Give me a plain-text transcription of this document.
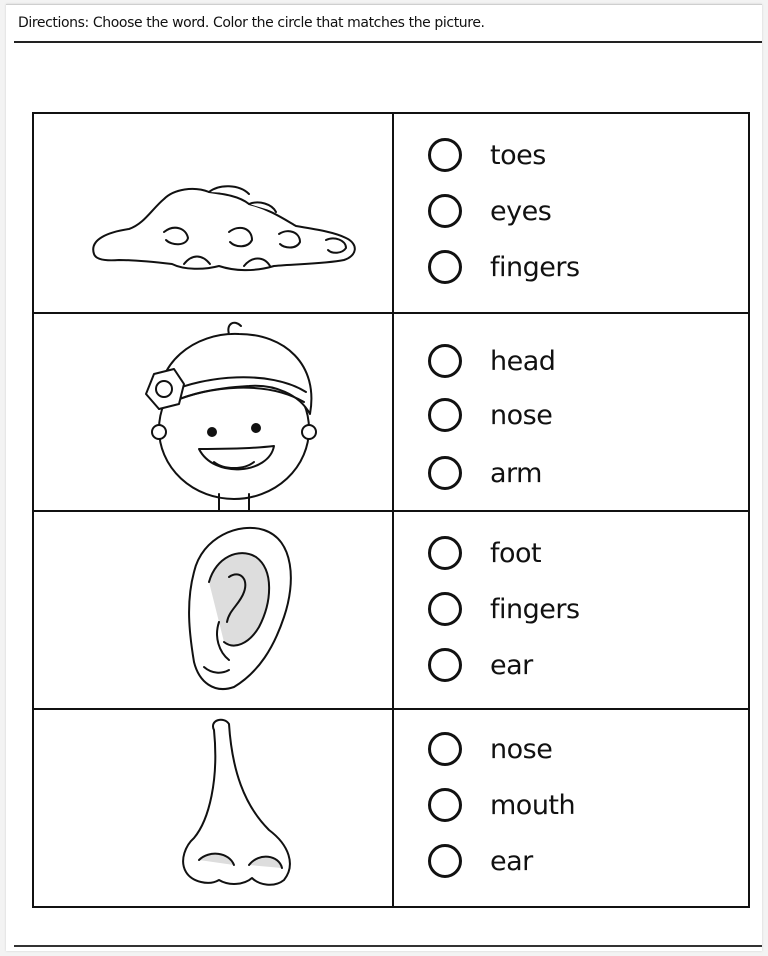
Directions: Choose the word. Color the circle that matches the picture.
toes
eyes
fingers
head
nose
arm
foot
fingers
ear
nose
mouth
ear
